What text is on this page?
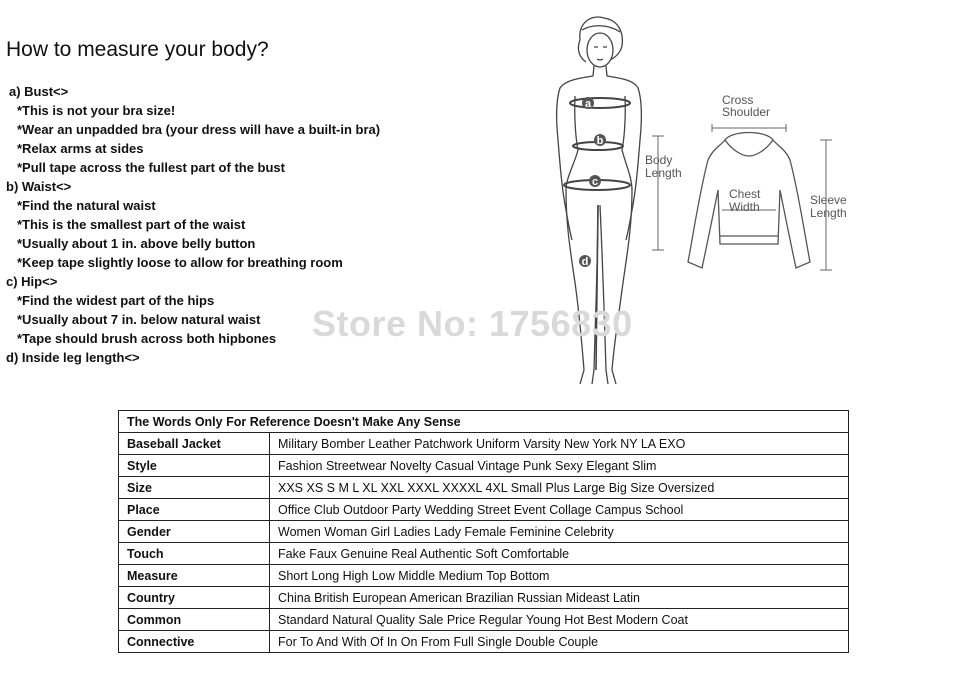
How to measure your body?
a) Bust<>
*This is not your bra size!
*Wear an unpadded bra (your dress will have a built-in bra)
*Relax arms at sides
*Pull tape across the fullest part of the bust
b) Waist<>
*Find the natural waist
*This is the smallest part of the waist
*Usually about 1 in. above belly button
*Keep tape slightly loose to allow for breathing room
c) Hip<>
*Find the widest part of the hips
*Usually about 7 in. below natural waist
*Tape should brush across both hipbones
d) Inside leg length<>
a
b
c
d
Cross
Shoulder
Body
Length
Chest
Width	Sleeve
Length
Store No: 1756830
The Words Only For Reference Doesn't Make Any Sense	
Baseball Jacket	Military Bomber Leather Patchwork Uniform Varsity New York NY LA EXO
Style	Fashion Streetwear Novelty Casual Vintage Punk Sexy Elegant Slim
Size	XXS XS S M L XL XXL XXXL XXXXL 4XL Small Plus Large Big Size Oversized
Place	Office Club Outdoor Party Wedding Street Event Collage Campus School
Gender	Women Woman Girl Ladies Lady Female Feminine Celebrity
Touch	Fake Faux Genuine Real Authentic Soft Comfortable
Measure	Short Long High Low Middle Medium Top Bottom
Country	China British European American Brazilian Russian Mideast Latin
Common	Standard Natural Quality Sale Price Regular Young Hot Best Modern Coat
Connective	For To And With Of In On From Full Single Double Couple
